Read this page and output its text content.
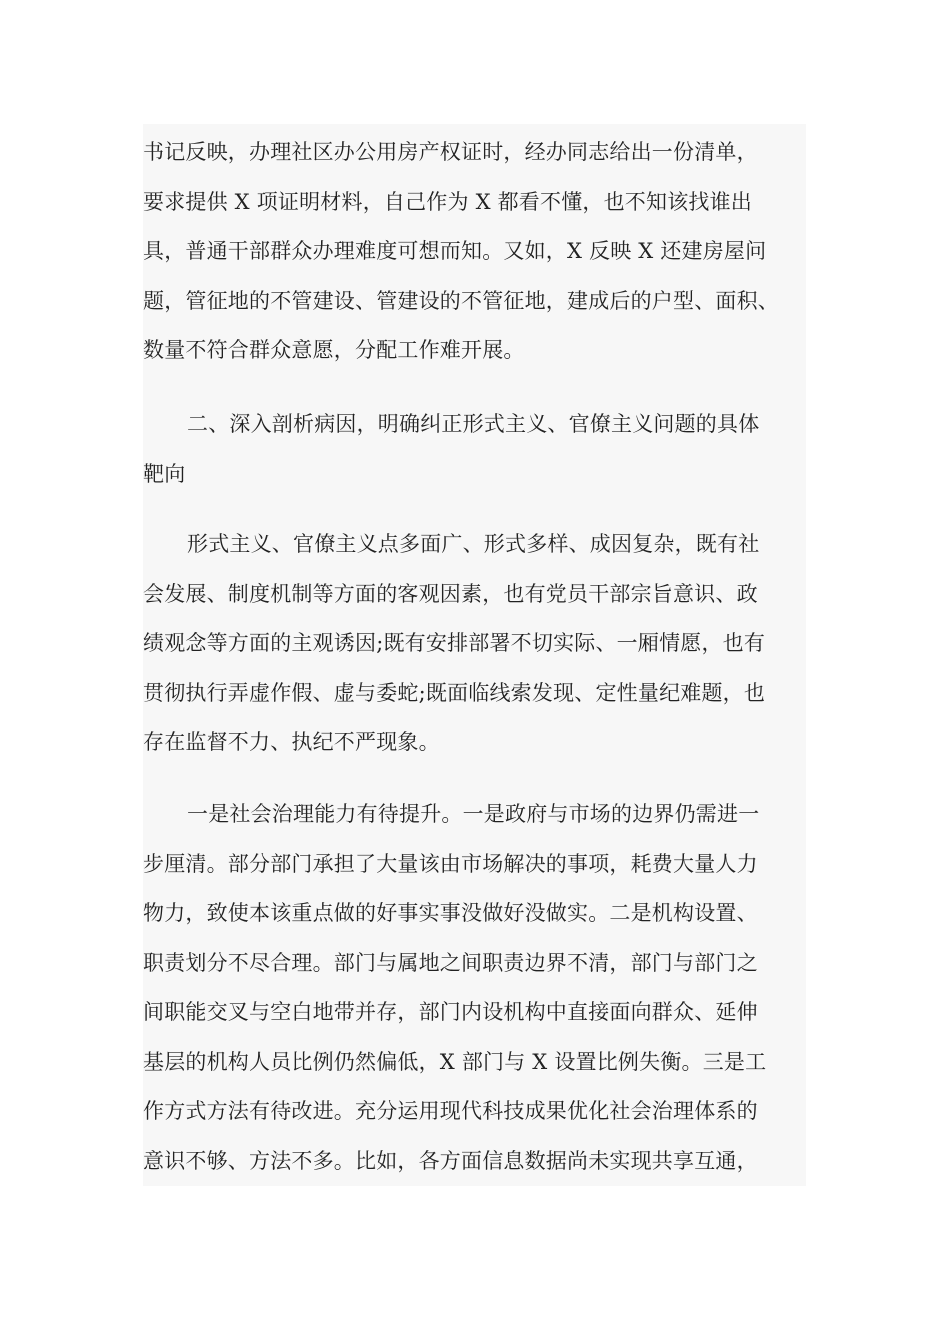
书记反映，办理社区办公用房产权证时，经办同志给出一份清单，
要求提供 X 项证明材料，自己作为 X 都看不懂，也不知该找谁出
具，普通干部群众办理难度可想而知。又如，X 反映 X 还建房屋问
题，管征地的不管建设、管建设的不管征地，建成后的户型、面积、
数量不符合群众意愿，分配工作难开展。

二、深入剖析病因，明确纠正形式主义、官僚主义问题的具体
靶向

形式主义、官僚主义点多面广、形式多样、成因复杂，既有社
会发展、制度机制等方面的客观因素，也有党员干部宗旨意识、政
绩观念等方面的主观诱因;既有安排部署不切实际、一厢情愿，也有
贯彻执行弄虚作假、虚与委蛇;既面临线索发现、定性量纪难题，也
存在监督不力、执纪不严现象。

一是社会治理能力有待提升。一是政府与市场的边界仍需进一
步厘清。部分部门承担了大量该由市场解决的事项，耗费大量人力
物力，致使本该重点做的好事实事没做好没做实。二是机构设置、
职责划分不尽合理。部门与属地之间职责边界不清，部门与部门之
间职能交叉与空白地带并存，部门内设机构中直接面向群众、延伸
基层的机构人员比例仍然偏低，X 部门与 X 设置比例失衡。三是工
作方式方法有待改进。充分运用现代科技成果优化社会治理体系的
意识不够、方法不多。比如，各方面信息数据尚未实现共享互通，
